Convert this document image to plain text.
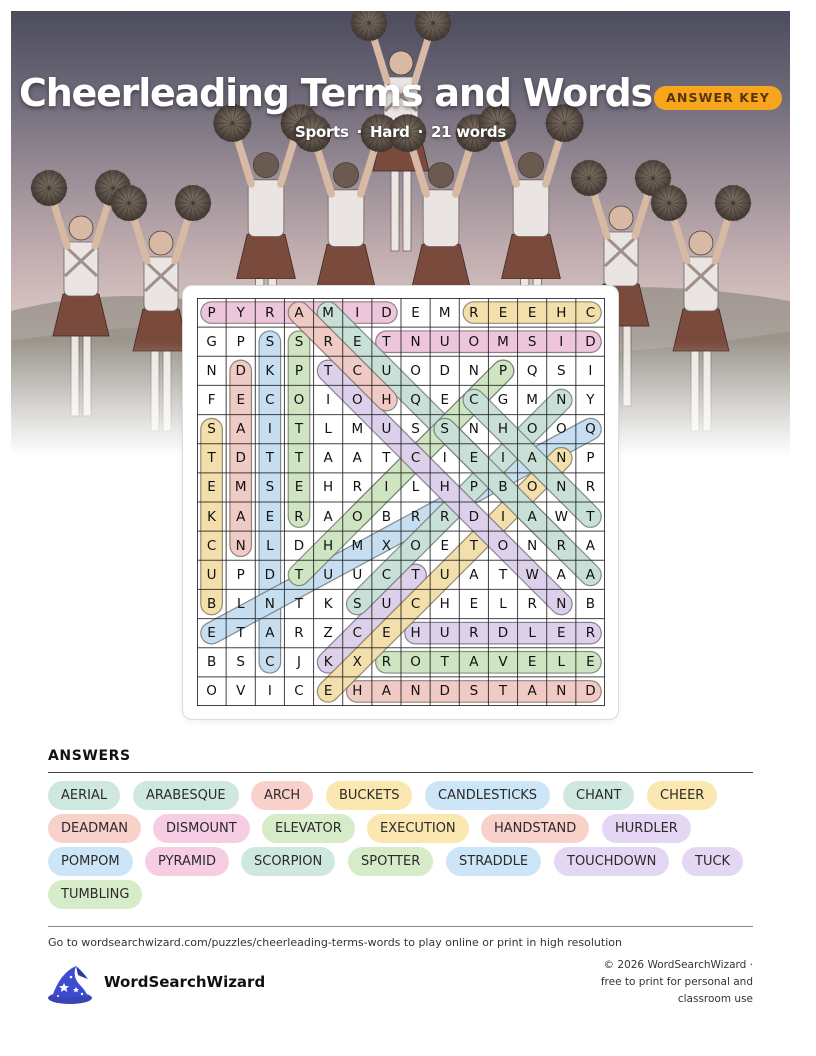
Cheerleading Terms and Words	ANSWER KEY
Sports · Hard · 21 words
P	Y	R	A	M	I	D	E	M	R	E	E	H	C
G	P	S	S	R	E	T	N	U	O	M	S	I	D
N	D	K	P	T	C	U	O	D	N	P	Q	S	I
F	E	C	O	I	O	H	Q	E	C	G	M	N	Y
S	A	I	T	L	M	U	S	S	N	H	O	O	Q
T	D	T	T	A	A	T	C	I	E	I	A	N	P
E	M	S	E	H	R	I	L	H	P	B	O	N	R
K	A	E	R	A	O	B	R	R	D	I	A	W	T
C	N	L	D	H	M	X	O	E	T	O	N	R	A
U	P	D	T	U	U	C	T	U	A	T	W	A	A
B	L	N	T	K	S	U	C	H	E	L	R	N	B
E	T	A	R	Z	C	E	H	U	R	D	L	E	R
B	S	C	J	K	X	R	O	T	A	V	E	L	E
O	V	I	C	E	H	A	N	D	S	T	A	N	D
ANSWERS
AERIAL	ARABESQUE	ARCH	BUCKETS	CANDLESTICKS	CHANT	CHEER
DEADMAN	DISMOUNT	ELEVATOR	EXECUTION	HANDSTAND	HURDLER
POMPOM	PYRAMID	SCORPION	SPOTTER	STRADDLE	TOUCHDOWN	TUCK
TUMBLING
Go to wordsearchwizard.com/puzzles/cheerleading-terms-words to play online or print in high resolution
WordSearchWizard
© 2026 WordSearchWizard ·
free to print for personal and
classroom use
